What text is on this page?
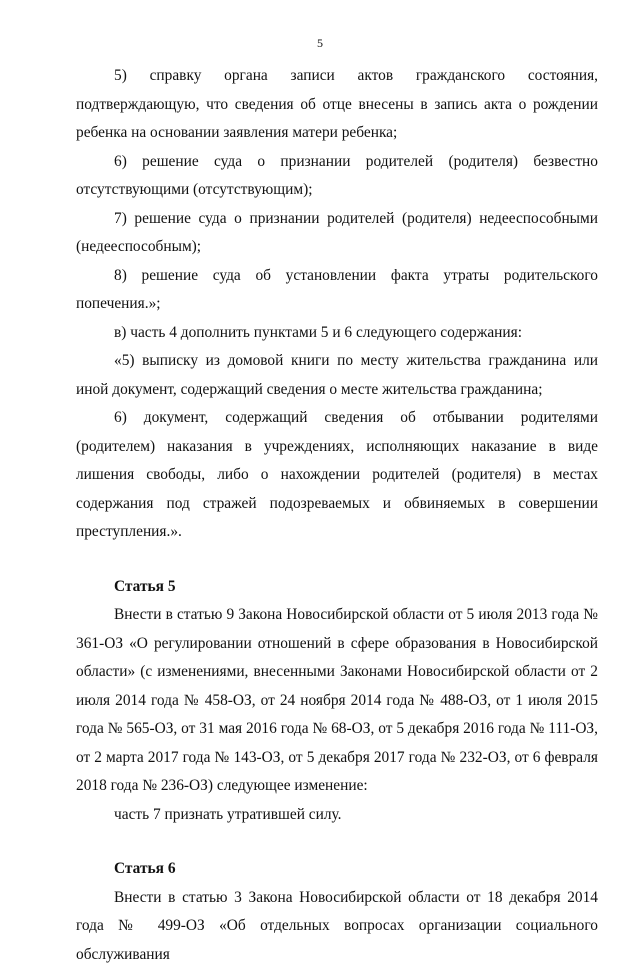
5

5) справку органа записи актов гражданского состояния, подтверждающую, что сведения об отце внесены в запись акта о рождении ребенка на основании заявления матери ребенка;

6) решение суда о признании родителей (родителя) безвестно отсутствующими (отсутствующим);

7) решение суда о признании родителей (родителя) недееспособными (недееспособным);

8) решение суда об установлении факта утраты родительского попечения.»;

в) часть 4 дополнить пунктами 5 и 6 следующего содержания:

«5) выписку из домовой книги по месту жительства гражданина или иной документ, содержащий сведения о месте жительства гражданина;

6) документ, содержащий сведения об отбывании родителями (родителем) наказания в учреждениях, исполняющих наказание в виде лишения свободы, либо о нахождении родителей (родителя) в местах содержания под стражей подозреваемых и обвиняемых в совершении преступления.».

Статья 5

Внести в статью 9 Закона Новосибирской области от 5 июля 2013 года № 361-ОЗ «О регулировании отношений в сфере образования в Новосибирской области» (с изменениями, внесенными Законами Новосибирской области от 2 июля 2014 года № 458-ОЗ, от 24 ноября 2014 года № 488-ОЗ, от 1 июля 2015 года № 565-ОЗ, от 31 мая 2016 года № 68-ОЗ, от 5 декабря 2016 года № 111-ОЗ, от 2 марта 2017 года № 143-ОЗ, от 5 декабря 2017 года № 232-ОЗ, от 6 февраля 2018 года № 236-ОЗ) следующее изменение:

часть 7 признать утратившей силу.

Статья 6

Внести в статью 3 Закона Новосибирской области от 18 декабря 2014 года № 499-ОЗ «Об отдельных вопросах организации социального обслуживания
